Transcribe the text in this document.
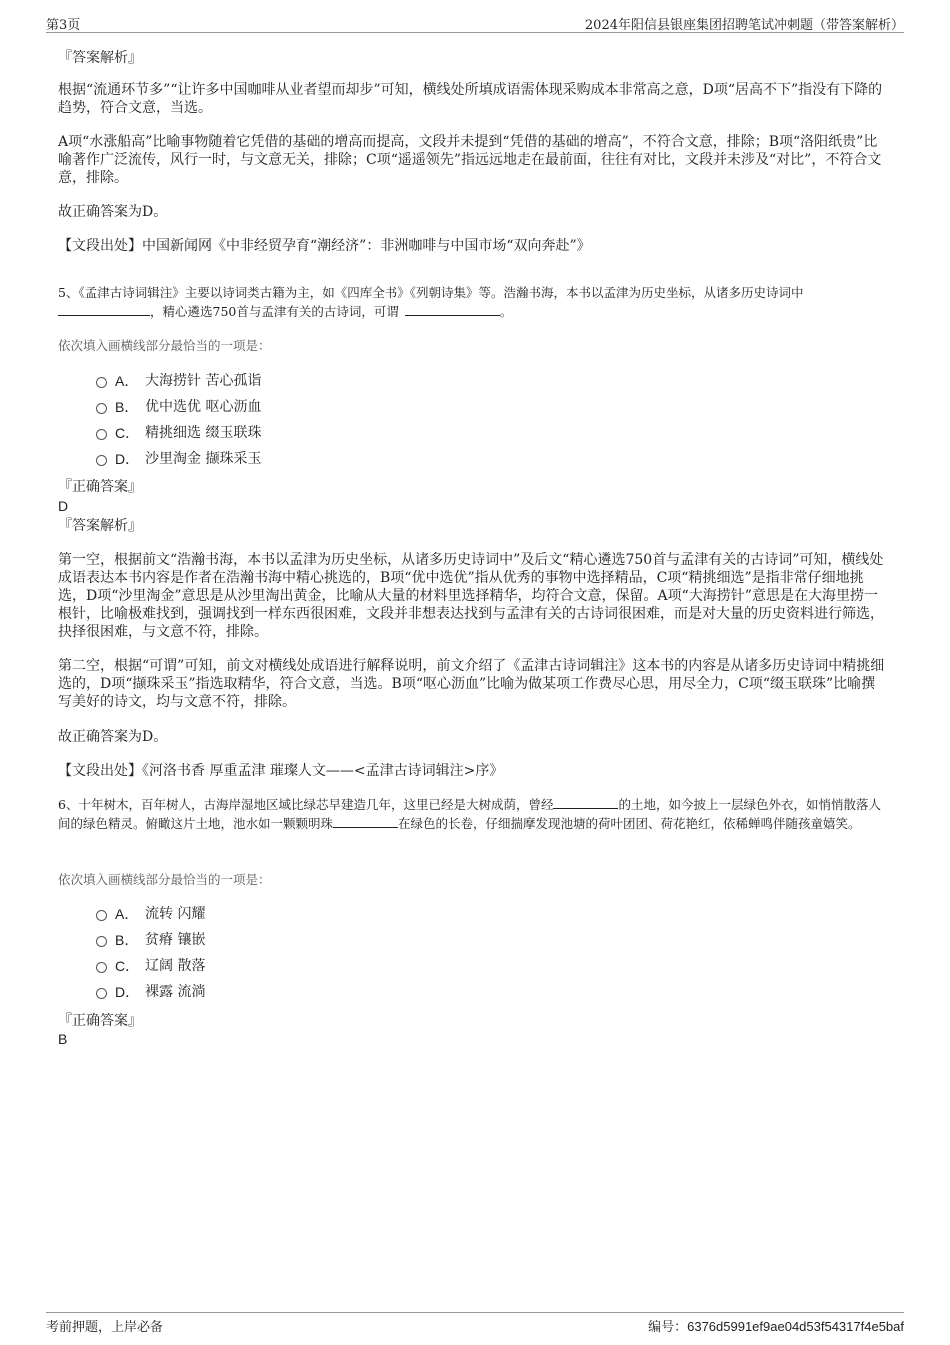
第3页	2024年阳信县银座集团招聘笔试冲刺题（带答案解析）
『答案解析』
根据“流通环节多”“让许多中国咖啡从业者望而却步”可知，横线处所填成语需体现采购成本非常高之意，D项“居高不下”指没有下降的趋势，符合文意，当选。
A项“水涨船高”比喻事物随着它凭借的基础的增高而提高，文段并未提到“凭借的基础的增高”，不符合文意，排除；B项“洛阳纸贵”比喻著作广泛流传，风行一时，与文意无关，排除；C项“遥遥领先”指远远地走在最前面，往往有对比，文段并未涉及“对比”，不符合文意，排除。
故正确答案为D。
【文段出处】中国新闻网《中非经贸孕育“潮经济”：非洲咖啡与中国市场“双向奔赴”》
5、《孟津古诗词辑注》主要以诗词类古籍为主，如《四库全书》《列朝诗集》等。浩瀚书海，本书以孟津为历史坐标，从诸多历史诗词中
，精心遴选750首与孟津有关的古诗词，可谓	。
依次填入画横线部分最恰当的一项是：
A． 大海捞针 苦心孤诣
B． 优中选优 呕心沥血
C． 精挑细选 缀玉联珠
D． 沙里淘金 撷珠采玉
『正确答案』
D
『答案解析』
第一空，根据前文“浩瀚书海，本书以孟津为历史坐标，从诸多历史诗词中”及后文“精心遴选750首与孟津有关的古诗词”可知，横线处成语表达本书内容是作者在浩瀚书海中精心挑选的，B项“优中选优”指从优秀的事物中选择精品，C项“精挑细选”是指非常仔细地挑选，D项“沙里淘金”意思是从沙里淘出黄金，比喻从大量的材料里选择精华，均符合文意，保留。A项“大海捞针”意思是在大海里捞一根针，比喻极难找到，强调找到一样东西很困难，文段并非想表达找到与孟津有关的古诗词很困难，而是对大量的历史资料进行筛选，抉择很困难，与文意不符，排除。
第二空，根据“可谓”可知，前文对横线处成语进行解释说明，前文介绍了《孟津古诗词辑注》这本书的内容是从诸多历史诗词中精挑细选的，D项“撷珠采玉”指选取精华，符合文意，当选。B项“呕心沥血”比喻为做某项工作费尽心思，用尽全力，C项“缀玉联珠”比喻撰写美好的诗文，均与文意不符，排除。
故正确答案为D。
【文段出处】《河洛书香 厚重孟津 璀璨人文——<孟津古诗词辑注>序》
6、十年树木，百年树人，古海岸湿地区域比绿芯早建造几年，这里已经是大树成荫，曾经	的土地，如今披上一层绿色外衣，如悄悄散落人间的绿色精灵。俯瞰这片土地，池水如一颗颗明珠	在绿色的长卷，仔细揣摩发现池塘的荷叶团团、荷花艳红，依稀蝉鸣伴随孩童嬉笑。
依次填入画横线部分最恰当的一项是：
A． 流转 闪耀
B． 贫瘠 镶嵌
C． 辽阔 散落
D． 裸露 流淌
『正确答案』
B
考前押题，上岸必备	编号：6376d5991ef9ae04d53f54317f4e5baf
